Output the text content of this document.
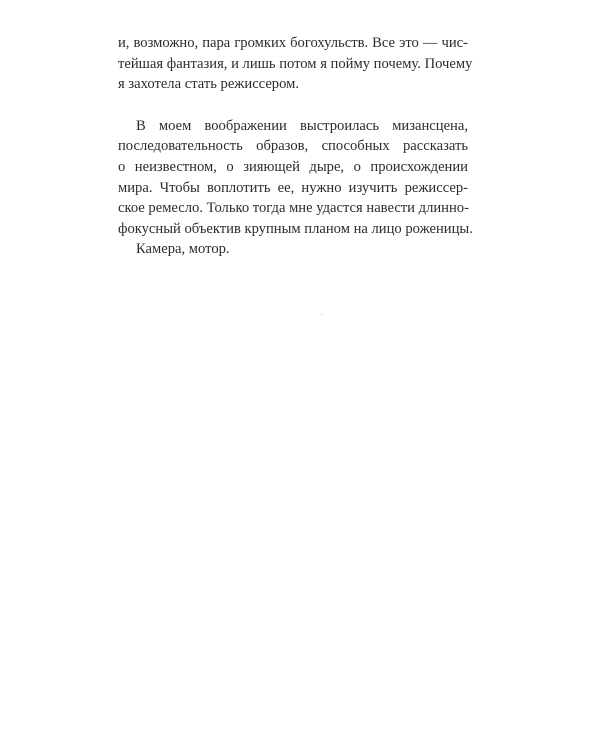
и, возможно, пара громких богохульств. Все это — чис-
тейшая фантазия, и лишь потом я пойму почему. Почему
я захотела стать режиссером.

В моем воображении выстроилась мизансцена,
последовательность образов, способных рассказать
о неизвестном, о зияющей дыре, о происхождении
мира. Чтобы воплотить ее, нужно изучить режиссер-
ское ремесло. Только тогда мне удастся навести длинно-
фокусный объектив крупным планом на лицо роженицы.

Камера, мотор.
